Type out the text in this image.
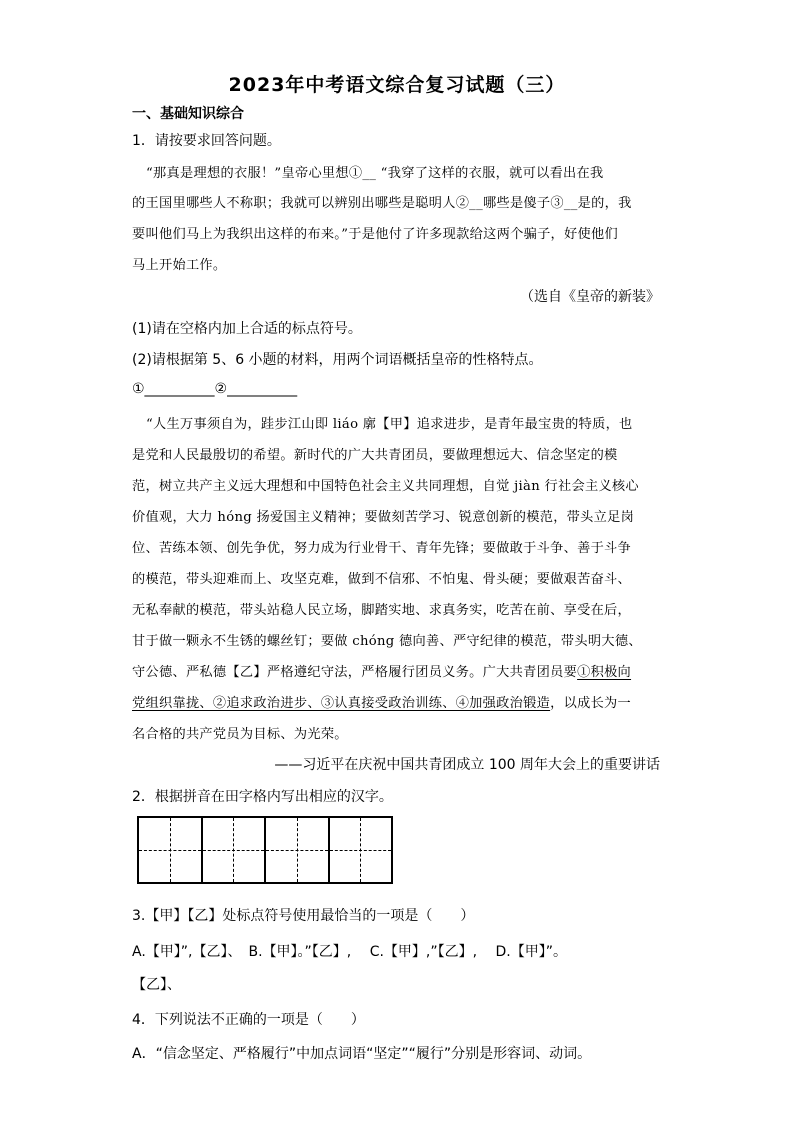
2023年中考语文综合复习试题（三）
一、基础知识综合
1．请按要求回答问题。
“那真是理想的衣服！”皇帝心里想①__ “我穿了这样的衣服，就可以看出在我
的王国里哪些人不称职；我就可以辨别出哪些是聪明人②__哪些是傻子③__是的，我
要叫他们马上为我织出这样的布来。”于是他付了许多现款给这两个骗子，好使他们
马上开始工作。
（选自《皇帝的新装》
(1)请在空格内加上合适的标点符号。
(2)请根据第 5、6 小题的材料，用两个词语概括皇帝的性格特点。
①__________②__________
“人生万事须自为，跬步江山即 liáo 廓【甲】追求进步，是青年最宝贵的特质，也
是党和人民最殷切的希望。新时代的广大共青团员，要做理想远大、信念坚定的模
范，树立共产主义远大理想和中国特色社会主义共同理想，自觉 jiàn 行社会主义核心
价值观，大力 hóng 扬爱国主义精神；要做刻苦学习、锐意创新的模范，带头立足岗
位、苦练本领、创先争优，努力成为行业骨干、青年先锋；要做敢于斗争、善于斗争
的模范，带头迎难而上、攻坚克难，做到不信邪、不怕鬼、骨头硬；要做艰苦奋斗、
无私奉献的模范，带头站稳人民立场，脚踏实地、求真务实，吃苦在前、享受在后，
甘于做一颗永不生锈的螺丝钉；要做 chóng 德向善、严守纪律的模范，带头明大德、
守公德、严私德【乙】严格遵纪守法，严格履行团员义务。广大共青团员要①积极向
党组织靠拢、②追求政治进步、③认真接受政治训练、④加强政治锻造，以成长为一
名合格的共产党员为目标、为光荣。
——习近平在庆祝中国共青团成立 100 周年大会上的重要讲话
2．根据拼音在田字格内写出相应的汉字。
3.【甲】【乙】处标点符号使用最恰当的一项是（　　）
A.【甲】”,【乙】、　B.【甲】。”【乙】,　 C.【甲】,”【乙】,　 D.【甲】”。
【乙】、
4．下列说法不正确的一项是（　　）
A．“信念坚定、严格履行”中加点词语“坚定”“履行”分别是形容词、动词。
